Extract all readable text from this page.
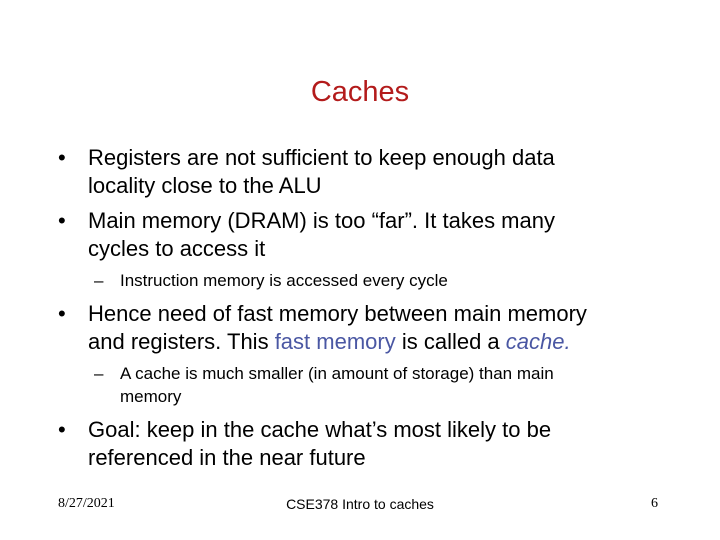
Caches
• Registers are not sufficient to keep enough data
locality close to the ALU
• Main memory (DRAM) is too “far”. It takes many
cycles to access it
– Instruction memory is accessed every cycle
• Hence need of fast memory between main memory
and registers. This fast memory is called a cache.
– A cache is much smaller (in amount of storage) than main
memory
• Goal: keep in the cache what’s most likely to be
referenced in the near future
8/27/2021	CSE378 Intro to caches	6
